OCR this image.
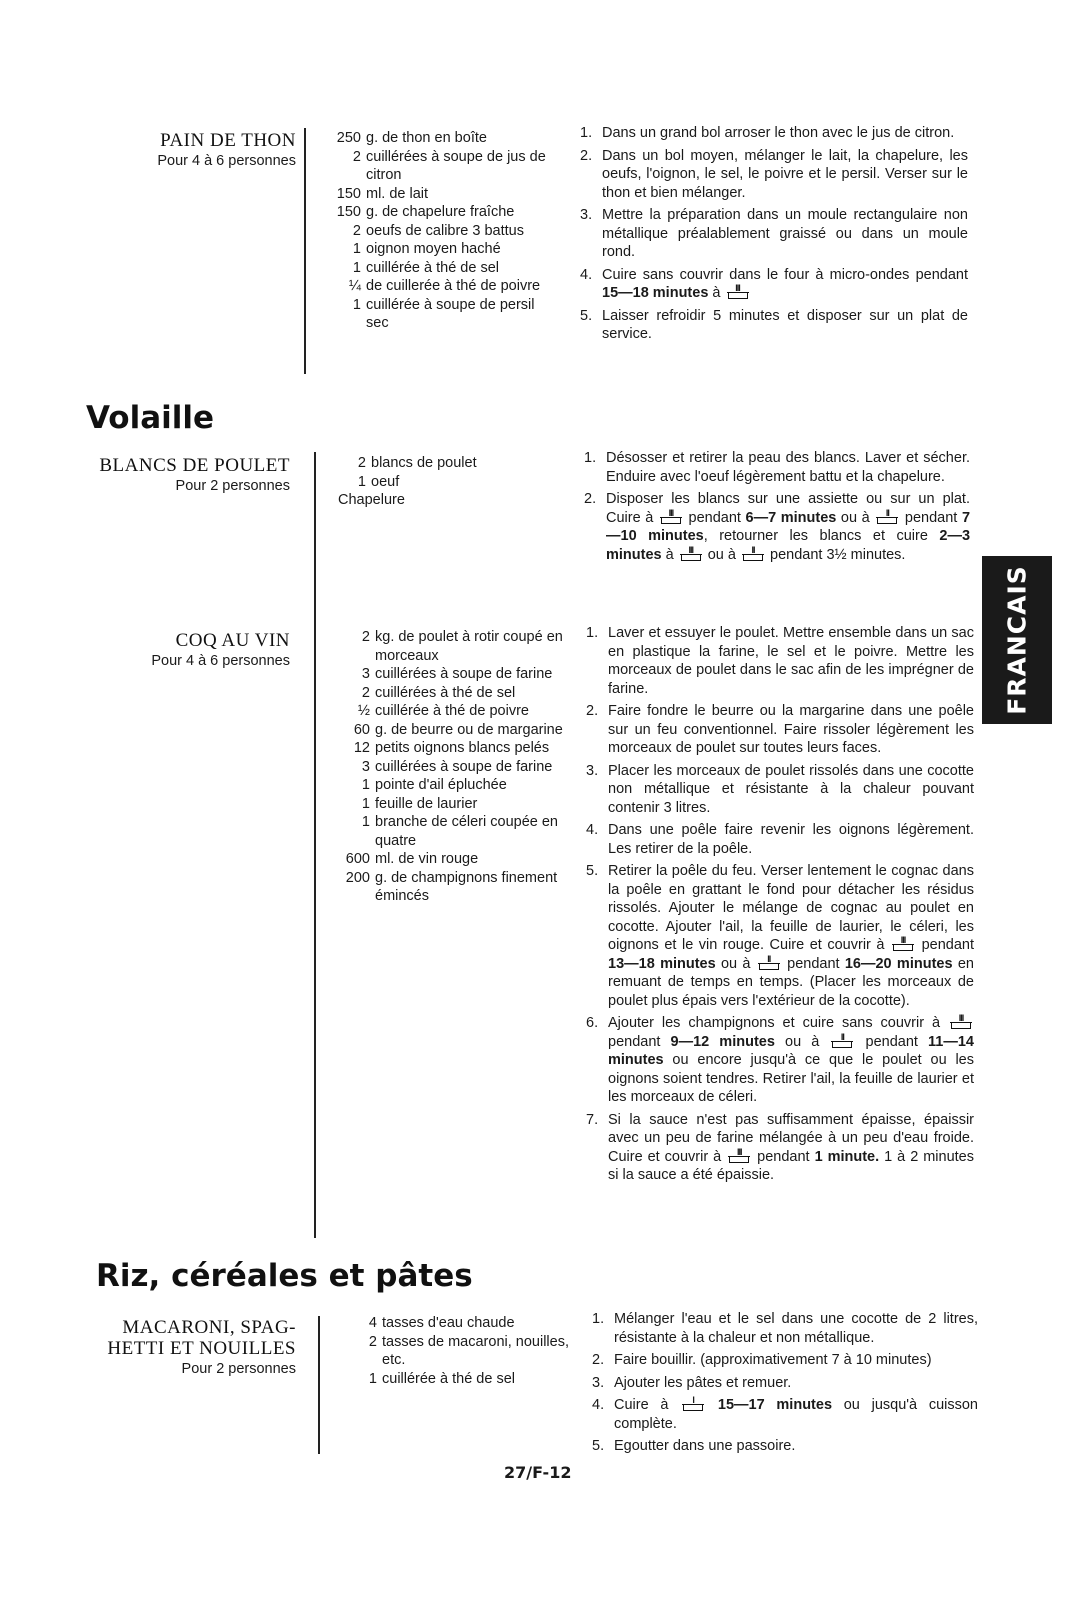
PAIN DE THON
Pour 4 à 6 personnes
250 g. de thon en boîte
2 cuillérées à soupe de jus de citron
150 ml. de lait
150 g. de chapelure fraîche
2 oeufs de calibre 3 battus
1 oignon moyen haché
1 cuillérée à thé de sel
¼ de cuillerée à thé de poivre
1 cuillérée à soupe de persil sec
1. Dans un grand bol arroser le thon avec le jus de citron.
2. Dans un bol moyen, mélanger le lait, la chapelure, les oeufs, l'oignon, le sel, le poivre et le persil. Verser sur le thon et bien mélanger.
3. Mettre la préparation dans un moule rectangulaire non métallique préalablement graissé ou dans un moule rond.
4. Cuire sans couvrir dans le four à micro-ondes pendant 15—18 minutes à III
5. Laisser refroidir 5 minutes et disposer sur un plat de service.
Volaille
BLANCS DE POULET
Pour 2 personnes
2 blancs de poulet
1 oeuf
Chapelure
1. Désosser et retirer la peau des blancs. Laver et sécher. Enduire avec l'oeuf légèrement battu et la chapelure.
2. Disposer les blancs sur une assiette ou sur un plat. Cuire à III pendant 6—7 minutes ou à II pendant 7—10 minutes, retourner les blancs et cuire 2—3 minutes à III ou à II pendant 3½ minutes.
COQ AU VIN
Pour 4 à 6 personnes
2 kg. de poulet à rotir coupé en morceaux
3 cuillérées à soupe de farine
2 cuillérées à thé de sel
½ cuillérée à thé de poivre
60 g. de beurre ou de margarine
12 petits oignons blancs pelés
3 cuillérées à soupe de farine
1 pointe d'ail épluchée
1 feuille de laurier
1 branche de céleri coupée en quatre
600 ml. de vin rouge
200 g. de champignons finement émincés
1. Laver et essuyer le poulet. Mettre ensemble dans un sac en plastique la farine, le sel et le poivre. Mettre les morceaux de poulet dans le sac afin de les imprégner de farine.
2. Faire fondre le beurre ou la margarine dans une poêle sur un feu conventionnel. Faire rissoler légèrement les morceaux de poulet sur toutes leurs faces.
3. Placer les morceaux de poulet rissolés dans une cocotte non métallique et résistante à la chaleur pouvant contenir 3 litres.
4. Dans une poêle faire revenir les oignons légèrement. Les retirer de la poêle.
5. Retirer la poêle du feu. Verser lentement le cognac dans la poêle en grattant le fond pour détacher les résidus rissolés. Ajouter le mélange de cognac au poulet en cocotte. Ajouter l'ail, la feuille de laurier, le céleri, les oignons et le vin rouge. Cuire et couvrir à III pendant 13—18 minutes ou à II pendant 16—20 minutes en remuant de temps en temps. (Placer les morceaux de poulet plus épais vers l'extérieur de la cocotte).
6. Ajouter les champignons et cuire sans couvrir à III
pendant 9—12 minutes ou à II pendant 11—14 minutes ou encore jusqu'à ce que le poulet ou les oignons soient tendres. Retirer l'ail, la feuille de laurier et les morceaux de céleri.
7. Si la sauce n'est pas suffisamment épaisse, épaissir avec un peu de farine mélangée à un peu d'eau froide. Cuire et couvrir à III pendant 1 minute. 1 à 2 minutes si la sauce a été épaissie.
FRANCAIS
Riz, céréales et pâtes
MACARONI, SPAG-
HETTI ET NOUILLES
Pour 2 personnes
4 tasses d'eau chaude
2 tasses de macaroni, nouilles, etc.
1 cuillérée à thé de sel
1. Mélanger l'eau et le sel dans une cocotte de 2 litres, résistante à la chaleur et non métallique.
2. Faire bouillir. (approximativement 7 à 10 minutes)
3. Ajouter les pâtes et remuer.
4. Cuire à I 15—17 minutes ou jusqu'à cuisson complète.
5. Egoutter dans une passoire.
27/F-12
